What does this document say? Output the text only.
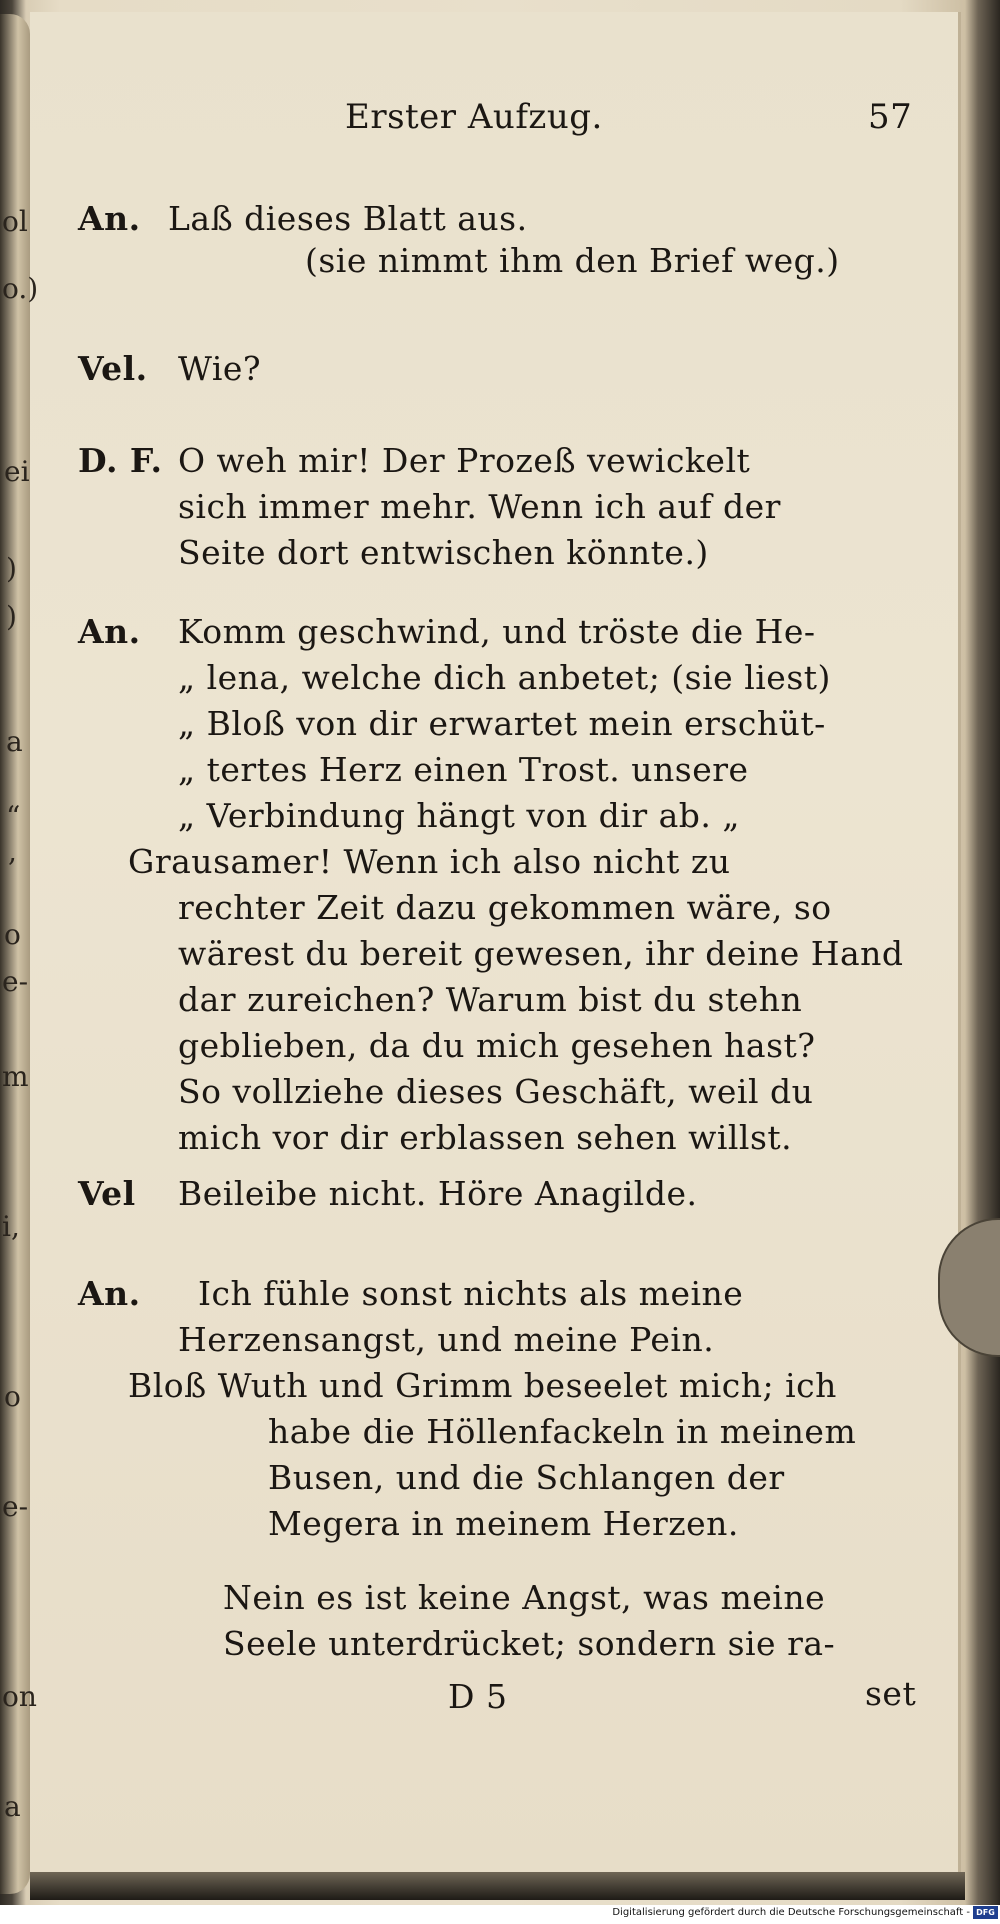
ol
o.)
ei
)
)
a
“
,
o
e-
m
i,
o
e-
on
a
Erster Aufzug.	57
An. Laß dieses Blatt aus.
(sie nimmt ihm den Brief weg.)
Vel. Wie?
D. F. O weh mir! Der Prozeß vewickelt
sich immer mehr. Wenn ich auf der
Seite dort entwischen könnte.)
An. Komm geschwind, und tröste die He-
„ lena, welche dich anbetet; (sie liest)
„ Bloß von dir erwartet mein erschüt-
„ tertes Herz einen Trost. unsere
„ Verbindung hängt von dir ab. „
Grausamer! Wenn ich also nicht zu
rechter Zeit dazu gekommen wäre, so
wärest du bereit gewesen, ihr deine Hand
dar zureichen? Warum bist du stehn
geblieben, da du mich gesehen hast?
So vollziehe dieses Geschäft, weil du
mich vor dir erblassen sehen willst.
Vel Beileibe nicht. Höre Anagilde.
An. Ich fühle sonst nichts als meine
Herzensangst, und meine Pein.
Bloß Wuth und Grimm beseelet mich; ich
habe die Höllenfackeln in meinem
Busen, und die Schlangen der
Megera in meinem Herzen.
Nein es ist keine Angst, was meine
Seele unterdrücket; sondern sie ra-
D 5	set
Digitalisierung gefördert durch die Deutsche Forschungsgemeinschaft - DFG
